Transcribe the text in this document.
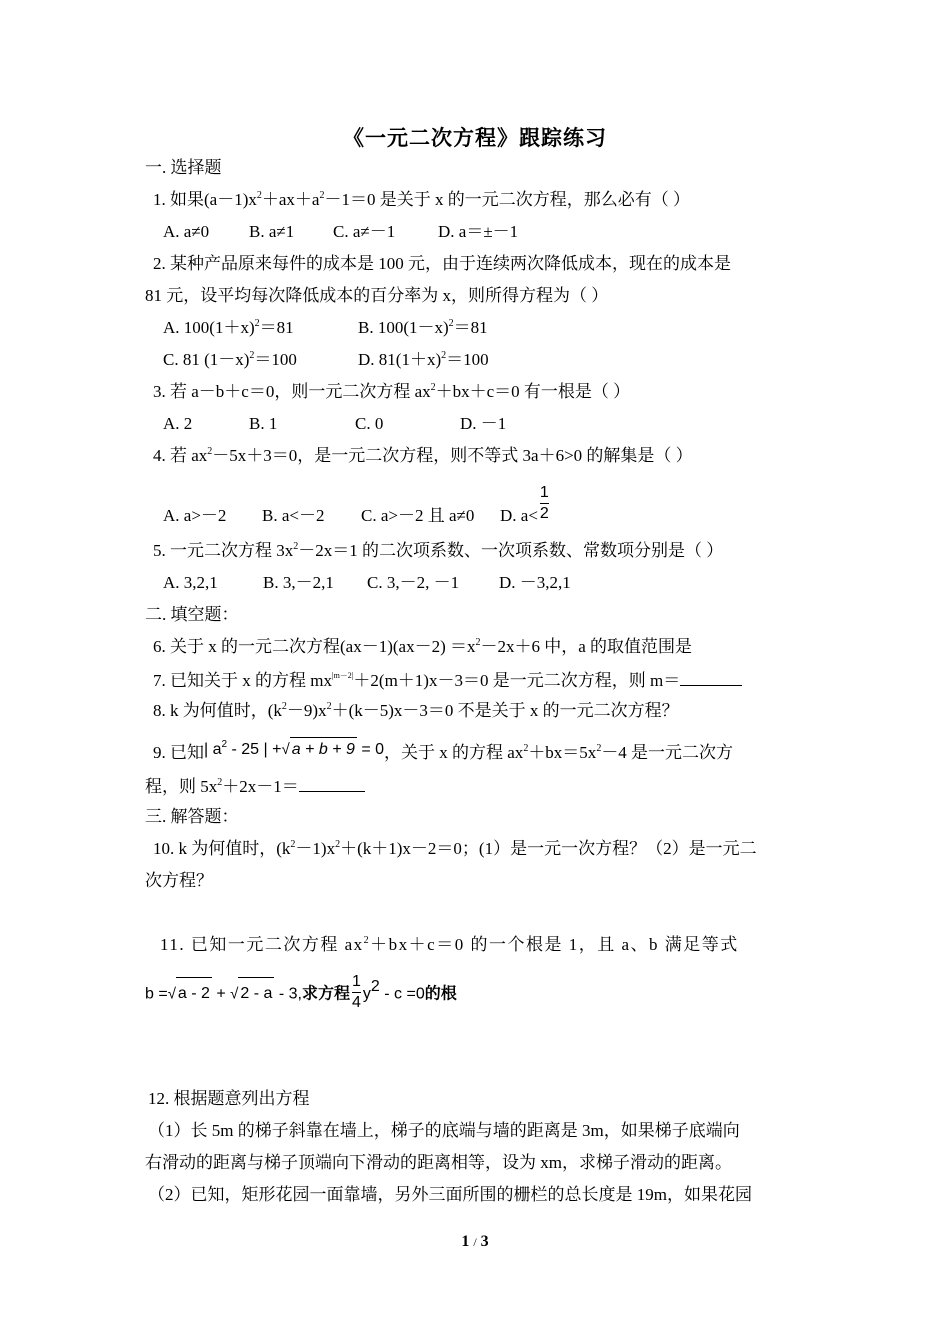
《一元二次方程》跟踪练习
一. 选择题
1. 如果$(a-1)x^2+ax+a^2-1=0$ 是关于 x 的一元二次方程，那么必有（ ）
A. a≠0 B. a≠1 C. a≠－1	D. a＝±－1
2. 某种产品原来每件的成本是 100 元，由于连续两次降低成本，现在的成本是
81 元，设平均每次降低成本的百分率为 x，则所得方程为（ ）
A. $100(1+x)^2=81$	B. $100(1-x)^2=81$
C. 81 $(1-x)^2=100$	D. $81(1+x)^2=100$
3. 若 a－b＋c＝0，则一元二次方程 $ax^2+bx+c=0$ 有一根是（ ）
A. 2	B. 1	C. 0	D. －1
4. 若 $ax^2-5x+3=0$，是一元二次方程，则不等式 3a＋6>0 的解集是（ ）
A. a>－2 B. a<－2 C. a>－2 且 a≠0 D. $a< \frac{1}{2}$
5. 一元二次方程 $3x^2-2x=1$ 的二次项系数、一次项系数、常数项分别是（ ）
A. 3,2,1	B. 3,－2,1 C. 3,－2, －1 D. －3,2,1
二. 填空题：
6. 关于 x 的一元二次方程$(ax-1)(ax-2) =x^2-2x+6$ 中，a 的取值范围是
7. 已知关于 x 的方程 $mx^{|m-2|}+2(m+1)x-3=0$ 是一元二次方程，则 m＝
8. k 为何值时，$(k^2-9)x^2+(k-5)x-3=0$ 不是关于 x 的一元二次方程？
9. 已知| $a^2 - 25$ | +√ a + b + 9 = 0，关于 x 的方程 $ax^2+bx=5x^2-4$ 是一元二次方
程，则 $5x^2+2x-1=$
三. 解答题：
10. k 为何值时，$(k^2-1)x^2+(k+1)x-2=0$；(1）是一元一次方程？（2）是一元二
次方程？
11. 已知一元二次方程 $ax^2+bx+c=0$ 的一个根是 1，且 a、b 满足等式
b =√ a - 2 + √ 2 - a - 3,求方程 $\frac{1}{4} y2 - c =0$的根
12. 根据题意列出方程
（1）长 5m 的梯子斜靠在墙上，梯子的底端与墙的距离是 3m，如果梯子底端向
右滑动的距离与梯子顶端向下滑动的距离相等，设为 xm，求梯子滑动的距离。
（2）已知，矩形花园一面靠墙，另外三面所围的栅栏的总长度是 19m，如果花园
1 / 3
